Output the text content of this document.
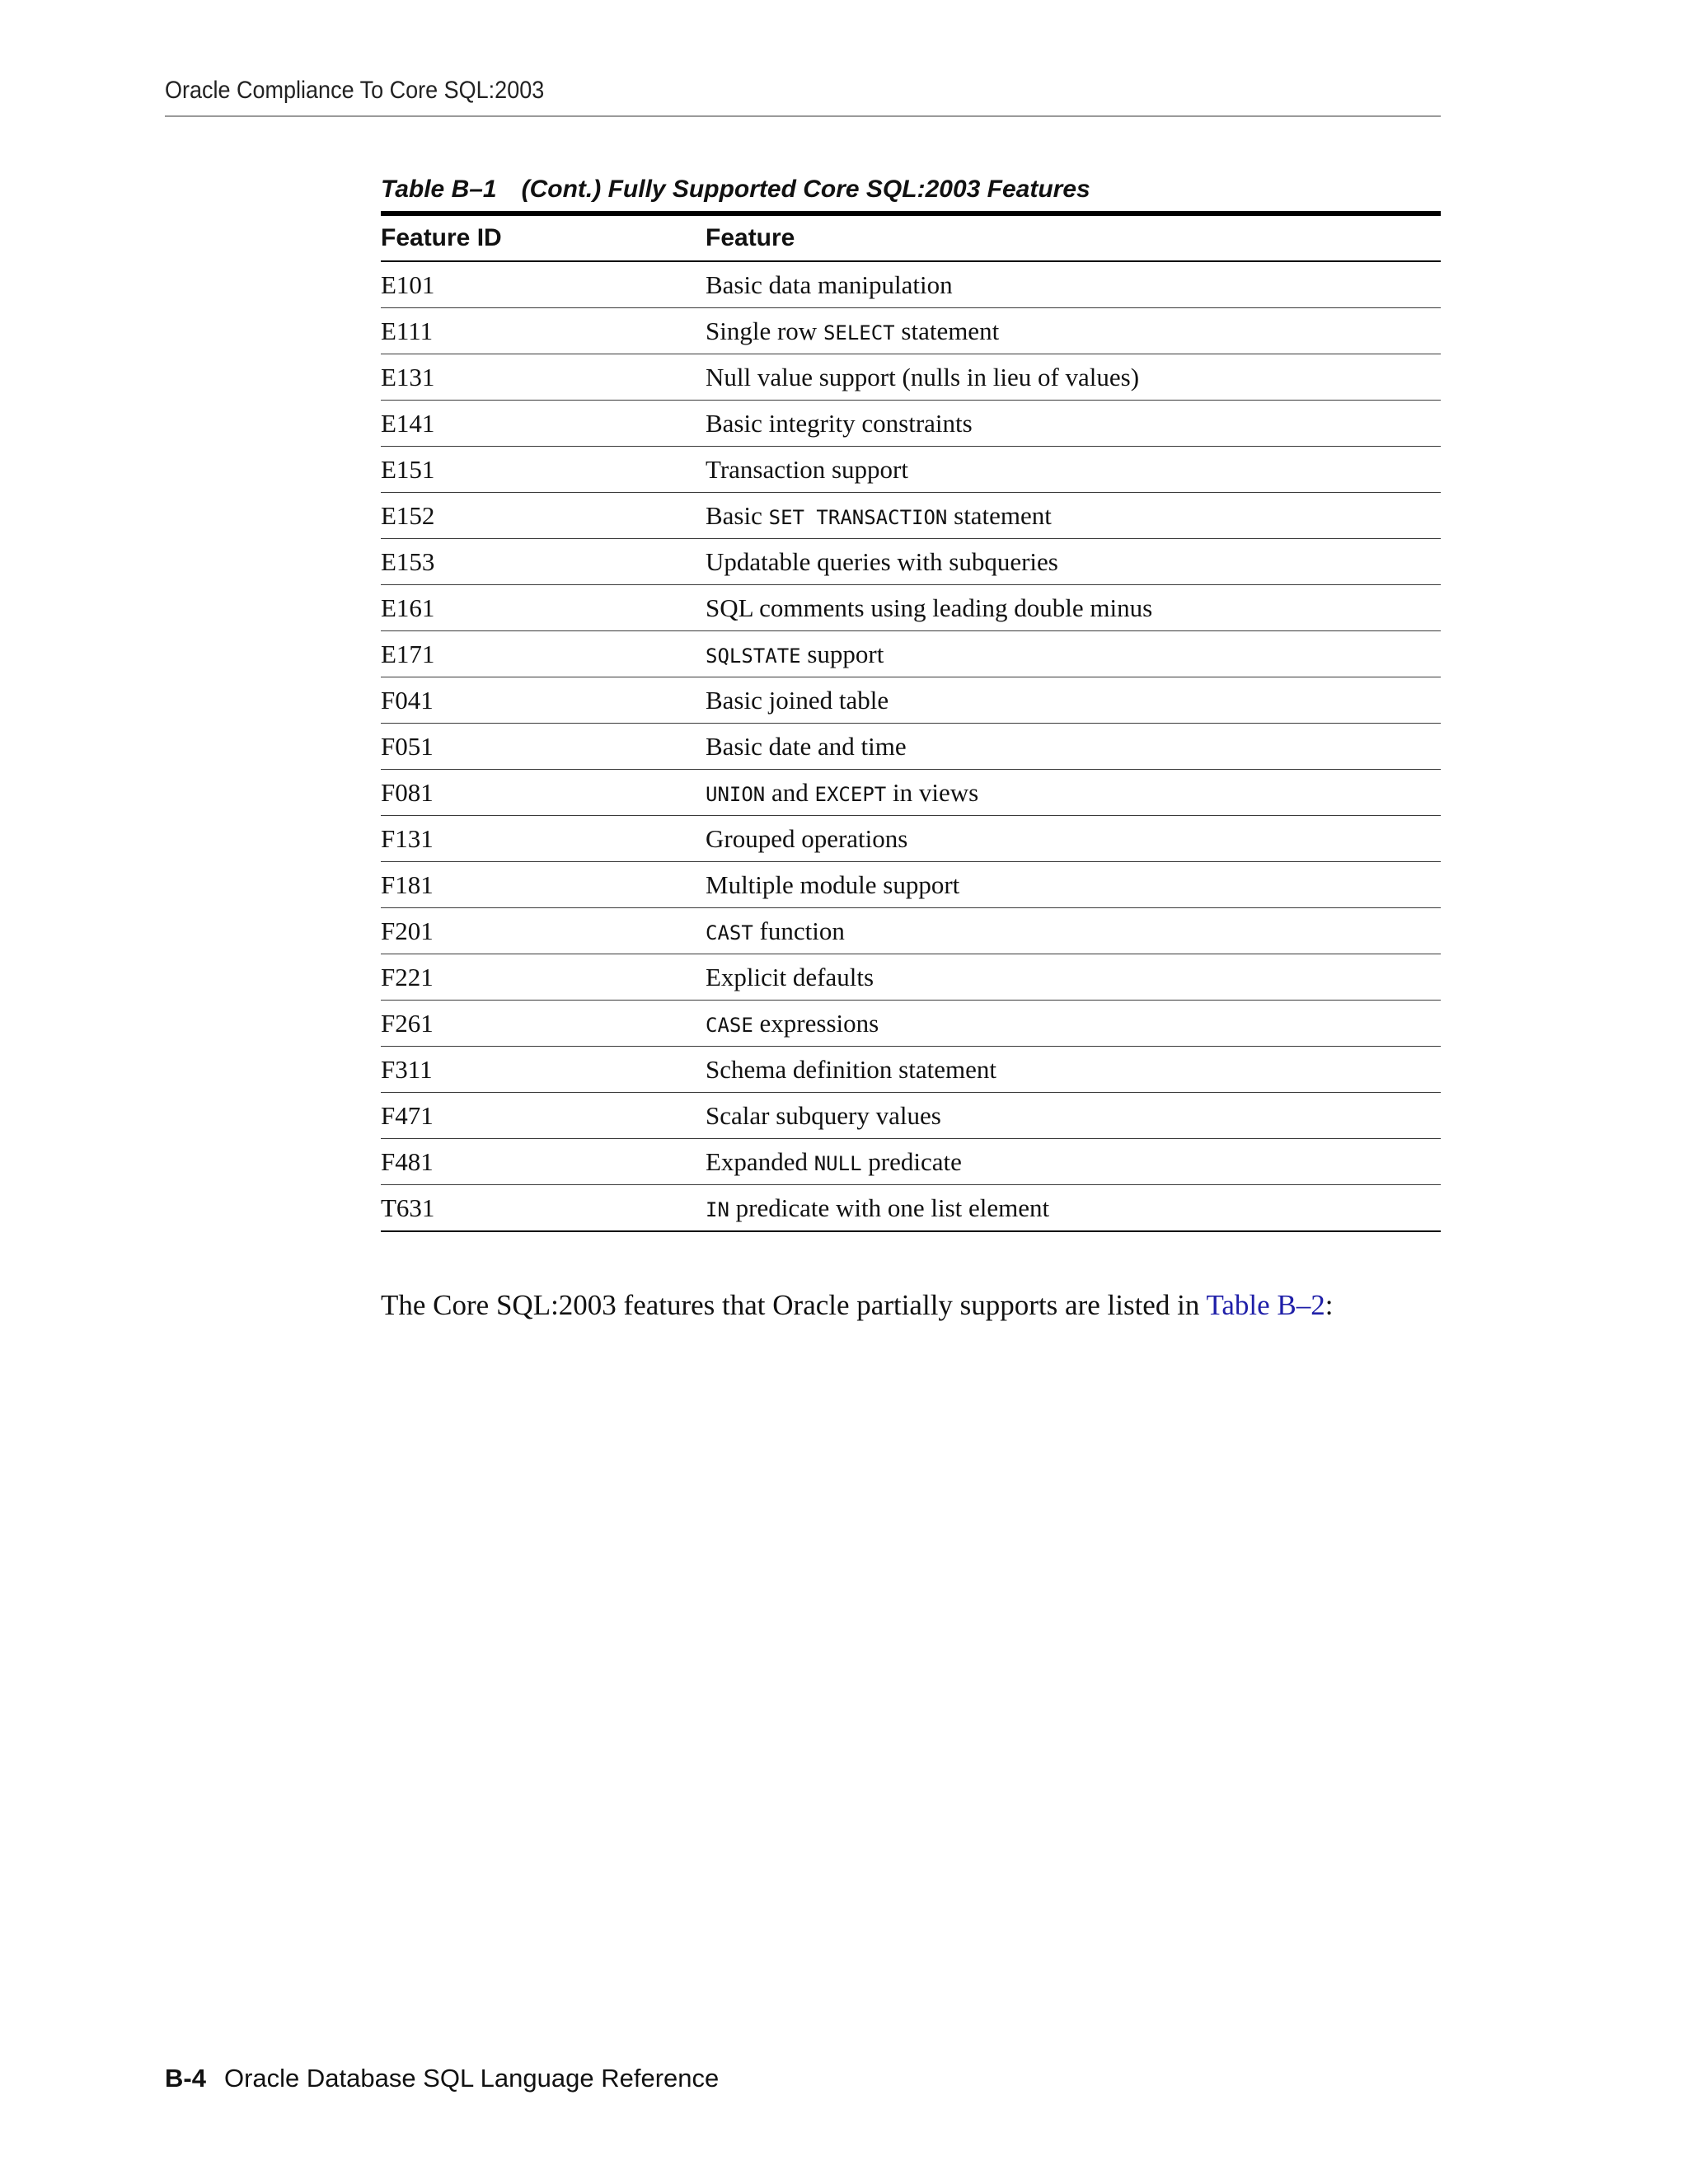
Oracle Compliance To Core SQL:2003
Table B–1 (Cont.) Fully Supported Core SQL:2003 Features
Feature ID	Feature
E101	Basic data manipulation
E111	Single row SELECT statement
E131	Null value support (nulls in lieu of values)
E141	Basic integrity constraints
E151	Transaction support
E152	Basic SET TRANSACTION statement
E153	Updatable queries with subqueries
E161	SQL comments using leading double minus
E171	SQLSTATE support
F041	Basic joined table
F051	Basic date and time
F081	UNION and EXCEPT in views
F131	Grouped operations
F181	Multiple module support
F201	CAST function
F221	Explicit defaults
F261	CASE expressions
F311	Schema definition statement
F471	Scalar subquery values
F481	Expanded NULL predicate
T631	IN predicate with one list element
The Core SQL:2003 features that Oracle partially supports are listed in Table B–2:
B-4 Oracle Database SQL Language Reference
